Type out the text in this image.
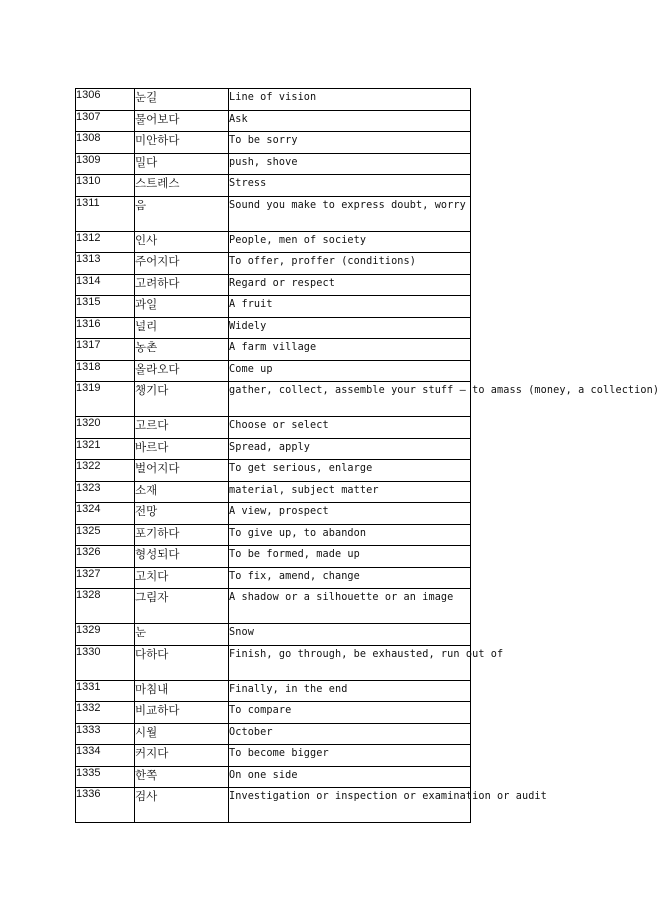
1306	눈길	Line of vision
1307	물어보다	Ask
1308	미안하다	To be sorry
1309	밀다	push, shove
1310	스트레스	Stress
1311	음	Sound you make to express doubt, worry
1312	인사	People, men of society
1313	주어지다	To offer, proffer (conditions)
1314	고려하다	Regard or respect
1315	과일	A fruit
1316	널리	Widely
1317	농촌	A farm village
1318	올라오다	Come up
1319	챙기다	gather, collect, assemble your stuff — to amass (money, a collection)
1320	고르다	Choose or select
1321	바르다	Spread, apply
1322	벌어지다	To get serious, enlarge
1323	소재	material, subject matter
1324	전망	A view, prospect
1325	포기하다	To give up, to abandon
1326	형성되다	To be formed, made up
1327	고치다	To fix, amend, change
1328	그림자	A shadow or a silhouette or an image
1329	눈	Snow
1330	다하다	Finish, go through, be exhausted, run out of
1331	마침내	Finally, in the end
1332	비교하다	To compare
1333	시월	October
1334	커지다	To become bigger
1335	한쪽	On one side
1336	검사	Investigation or inspection or examination or audit
